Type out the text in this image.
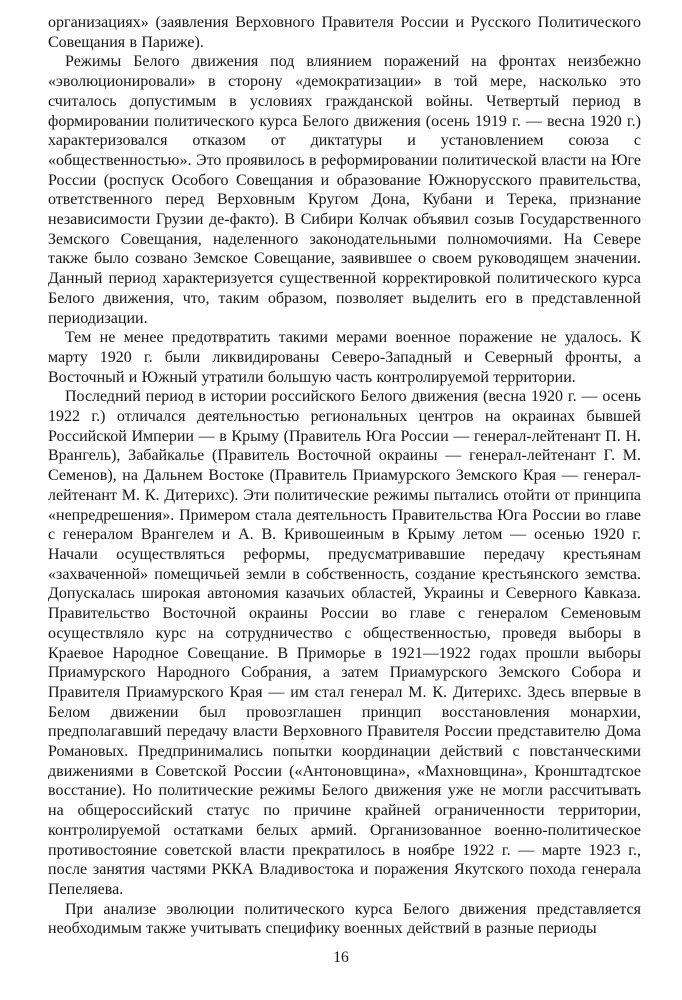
организациях» (заявления Верховного Правителя России и Русского Политического Совещания в Париже).

Режимы Белого движения под влиянием поражений на фронтах неизбежно «эволюционировали» в сторону «демократизации» в той мере, насколько это считалось допустимым в условиях гражданской войны. Четвертый период в формировании политического курса Белого движения (осень 1919 г. — весна 1920 г.) характеризовался отказом от диктатуры и установлением союза с «общественностью». Это проявилось в реформировании политической власти на Юге России (роспуск Особого Совещания и образование Южнорусского правительства, ответственного перед Верховным Кругом Дона, Кубани и Терека, признание независимости Грузии де-факто). В Сибири Колчак объявил созыв Государственного Земского Совещания, наделенного законодательными полномочиями. На Севере также было созвано Земское Совещание, заявившее о своем руководящем значении. Данный период характеризуется существенной корректировкой политического курса Белого движения, что, таким образом, позволяет выделить его в представленной периодизации.

Тем не менее предотвратить такими мерами военное поражение не удалось. К марту 1920 г. были ликвидированы Северо-Западный и Северный фронты, а Восточный и Южный утратили большую часть контролируемой территории.

Последний период в истории российского Белого движения (весна 1920 г. — осень 1922 г.) отличался деятельностью региональных центров на окраинах бывшей Российской Империи — в Крыму (Правитель Юга России — генерал-лейтенант П. Н. Врангель), Забайкалье (Правитель Восточной окраины — генерал-лейтенант Г. М. Семенов), на Дальнем Востоке (Правитель Приамурского Земского Края — генерал-лейтенант М. К. Дитерихс). Эти политические режимы пытались отойти от принципа «непредрешения». Примером стала деятельность Правительства Юга России во главе с генералом Врангелем и А. В. Кривошеиным в Крыму летом — осенью 1920 г. Начали осуществляться реформы, предусматривавшие передачу крестьянам «захваченной» помещичьей земли в собственность, создание крестьянского земства. Допускалась широкая автономия казачьих областей, Украины и Северного Кавказа. Правительство Восточной окраины России во главе с генералом Семеновым осуществляло курс на сотрудничество с общественностью, проведя выборы в Краевое Народное Совещание. В Приморье в 1921—1922 годах прошли выборы Приамурского Народного Собрания, а затем Приамурского Земского Собора и Правителя Приамурского Края — им стал генерал М. К. Дитерихс. Здесь впервые в Белом движении был провозглашен принцип восстановления монархии, предполагавший передачу власти Верховного Правителя России представителю Дома Романовых. Предпринимались попытки координации действий с повстанческими движениями в Советской России («Антоновщина», «Махновщина», Кронштадтское восстание). Но политические режимы Белого движения уже не могли рассчитывать на общероссийский статус по причине крайней ограниченности территории, контролируемой остатками белых армий. Организованное военно-политическое противостояние советской власти прекратилось в ноябре 1922 г. — марте 1923 г., после занятия частями РККА Владивостока и поражения Якутского похода генерала Пепеляева.

При анализе эволюции политического курса Белого движения представляется необходимым также учитывать специфику военных действий в разные периоды

16
